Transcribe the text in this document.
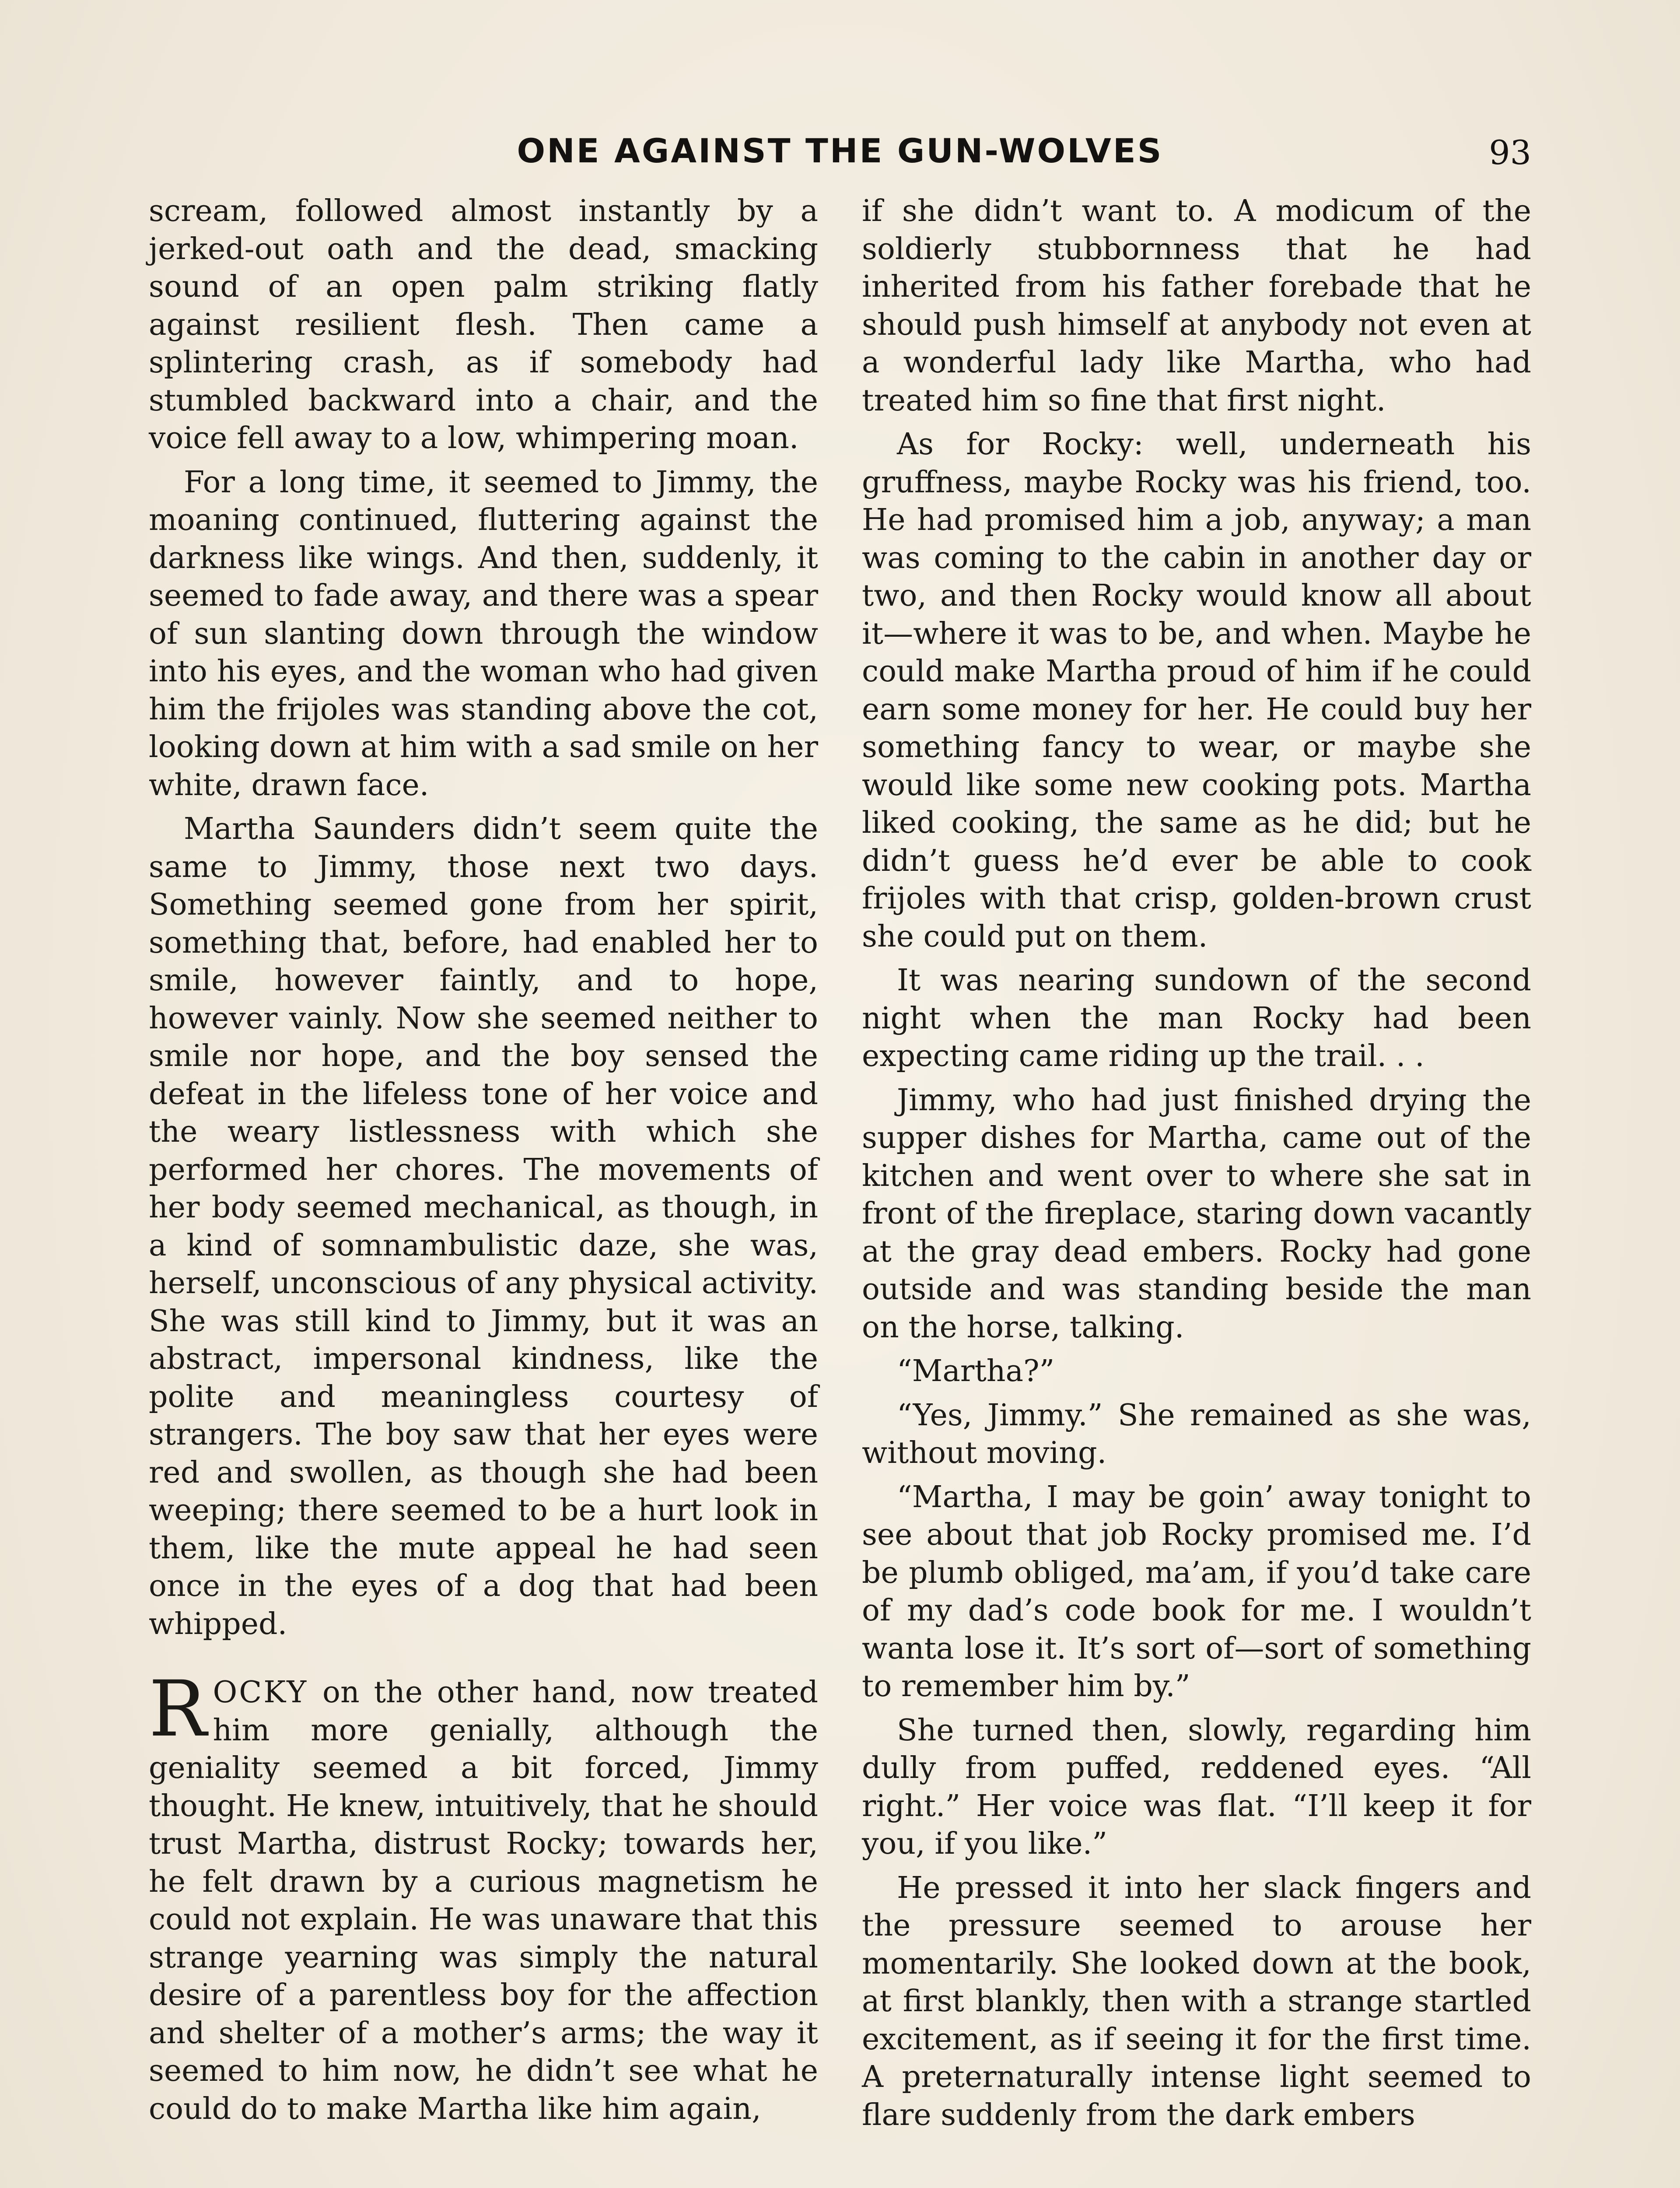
ONE AGAINST THE GUN-WOLVES	93

scream, followed almost instantly by a jerked-out oath and the dead, smacking sound of an open palm striking flatly against resilient flesh. Then came a splintering crash, as if somebody had stumbled backward into a chair, and the voice fell away to a low, whimpering moan.

For a long time, it seemed to Jimmy, the moaning continued, fluttering against the darkness like wings. And then, suddenly, it seemed to fade away, and there was a spear of sun slanting down through the window into his eyes, and the woman who had given him the frijoles was standing above the cot, looking down at him with a sad smile on her white, drawn face.

Martha Saunders didn’t seem quite the same to Jimmy, those next two days. Something seemed gone from her spirit, something that, before, had enabled her to smile, however faintly, and to hope, however vainly. Now she seemed neither to smile nor hope, and the boy sensed the defeat in the lifeless tone of her voice and the weary listlessness with which she performed her chores. The movements of her body seemed mechanical, as though, in a kind of somnambulistic daze, she was, herself, unconscious of any physical activity. She was still kind to Jimmy, but it was an abstract, impersonal kindness, like the polite and meaningless courtesy of strangers. The boy saw that her eyes were red and swollen, as though she had been weeping; there seemed to be a hurt look in them, like the mute appeal he had seen once in the eyes of a dog that had been whipped.

ROCKY on the other hand, now treated him more genially, although the geniality seemed a bit forced, Jimmy thought. He knew, intuitively, that he should trust Martha, distrust Rocky; towards her, he felt drawn by a curious magnetism he could not explain. He was unaware that this strange yearning was simply the natural desire of a parentless boy for the affection and shelter of a mother’s arms; the way it seemed to him now, he didn’t see what he could do to make Martha like him again,

if she didn’t want to. A modicum of the soldierly stubbornness that he had inherited from his father forebade that he should push himself at anybody not even at a wonderful lady like Martha, who had treated him so fine that first night.

As for Rocky: well, underneath his gruffness, maybe Rocky was his friend, too. He had promised him a job, anyway; a man was coming to the cabin in another day or two, and then Rocky would know all about it—where it was to be, and when. Maybe he could make Martha proud of him if he could earn some money for her. He could buy her something fancy to wear, or maybe she would like some new cooking pots. Martha liked cooking, the same as he did; but he didn’t guess he’d ever be able to cook frijoles with that crisp, golden-brown crust she could put on them.

It was nearing sundown of the second night when the man Rocky had been expecting came riding up the trail. . .

Jimmy, who had just finished drying the supper dishes for Martha, came out of the kitchen and went over to where she sat in front of the fireplace, staring down vacantly at the gray dead embers. Rocky had gone outside and was standing beside the man on the horse, talking.

“Martha?”

“Yes, Jimmy.” She remained as she was, without moving.

“Martha, I may be goin’ away tonight to see about that job Rocky promised me. I’d be plumb obliged, ma’am, if you’d take care of my dad’s code book for me. I wouldn’t wanta lose it. It’s sort of—sort of something to remember him by.”

She turned then, slowly, regarding him dully from puffed, reddened eyes. “All right.” Her voice was flat. “I’ll keep it for you, if you like.”

He pressed it into her slack fingers and the pressure seemed to arouse her momentarily. She looked down at the book, at first blankly, then with a strange startled excitement, as if seeing it for the first time. A preternaturally intense light seemed to flare suddenly from the dark embers
